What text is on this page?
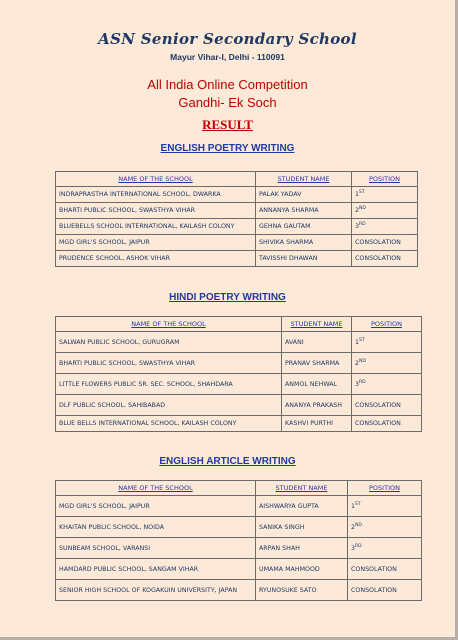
ASN Senior Secondary School
Mayur Vihar-I, Delhi - 110091
All India Online Competition
Gandhi- Ek Soch
RESULT
ENGLISH POETRY WRITING
NAME OF THE SCHOOL	STUDENT NAME	POSITION
INDRAPRASTHA INTERNATIONAL SCHOOL, DWARKA	PALAK YADAV	1ST
BHARTI PUBLIC SCHOOL, SWASTHYA VIHAR	ANNANYA SHARMA	2ND
BLUEBELLS SCHOOL INTERNATIONAL, KAILASH COLONY	GEHNA GAUTAM	3RD
MGD GIRL'S SCHOOL, JAIPUR	SHIVIKA SHARMA	CONSOLATION
PRUDENCE SCHOOL, ASHOK VIHAR	TAVISSHI DHAWAN	CONSOLATION
HINDI POETRY WRITING
NAME OF THE SCHOOL	STUDENT NAME	POSITION
SALWAN PUBLIC SCHOOL, GURUGRAM	AVANI	1ST
BHARTI PUBLIC SCHOOL, SWASTHYA VIHAR	PRANAV SHARMA	2ND
LITTLE FLOWERS PUBLIC SR. SEC. SCHOOL, SHAHDARA	ANMOL NEHWAL	3RD
DLF PUBLIC SCHOOL, SAHIBABAD	ANANYA PRAKASH	CONSOLATION
BLUE BELLS INTERNATIONAL SCHOOL, KAILASH COLONY	KASHVI PURTHI	CONSOLATION
ENGLISH ARTICLE WRITING
NAME OF THE SCHOOL	STUDENT NAME	POSITION
MGD GIRL'S SCHOOL, JAIPUR	AISHWARYA GUPTA	1ST
KHAITAN PUBLIC SCHOOL, NOIDA	SANIKA SINGH	2ND
SUNBEAM SCHOOL, VARANSI	ARPAN SHAH	3RD
HAMDARD PUBLIC SCHOOL, SANGAM VIHAR	UMAMA MAHMOOD	CONSOLATION
SENIOR HIGH SCHOOL OF KOGAKUIN UNIVERSITY, JAPAN	RYUNOSUKE SATO	CONSOLATION
